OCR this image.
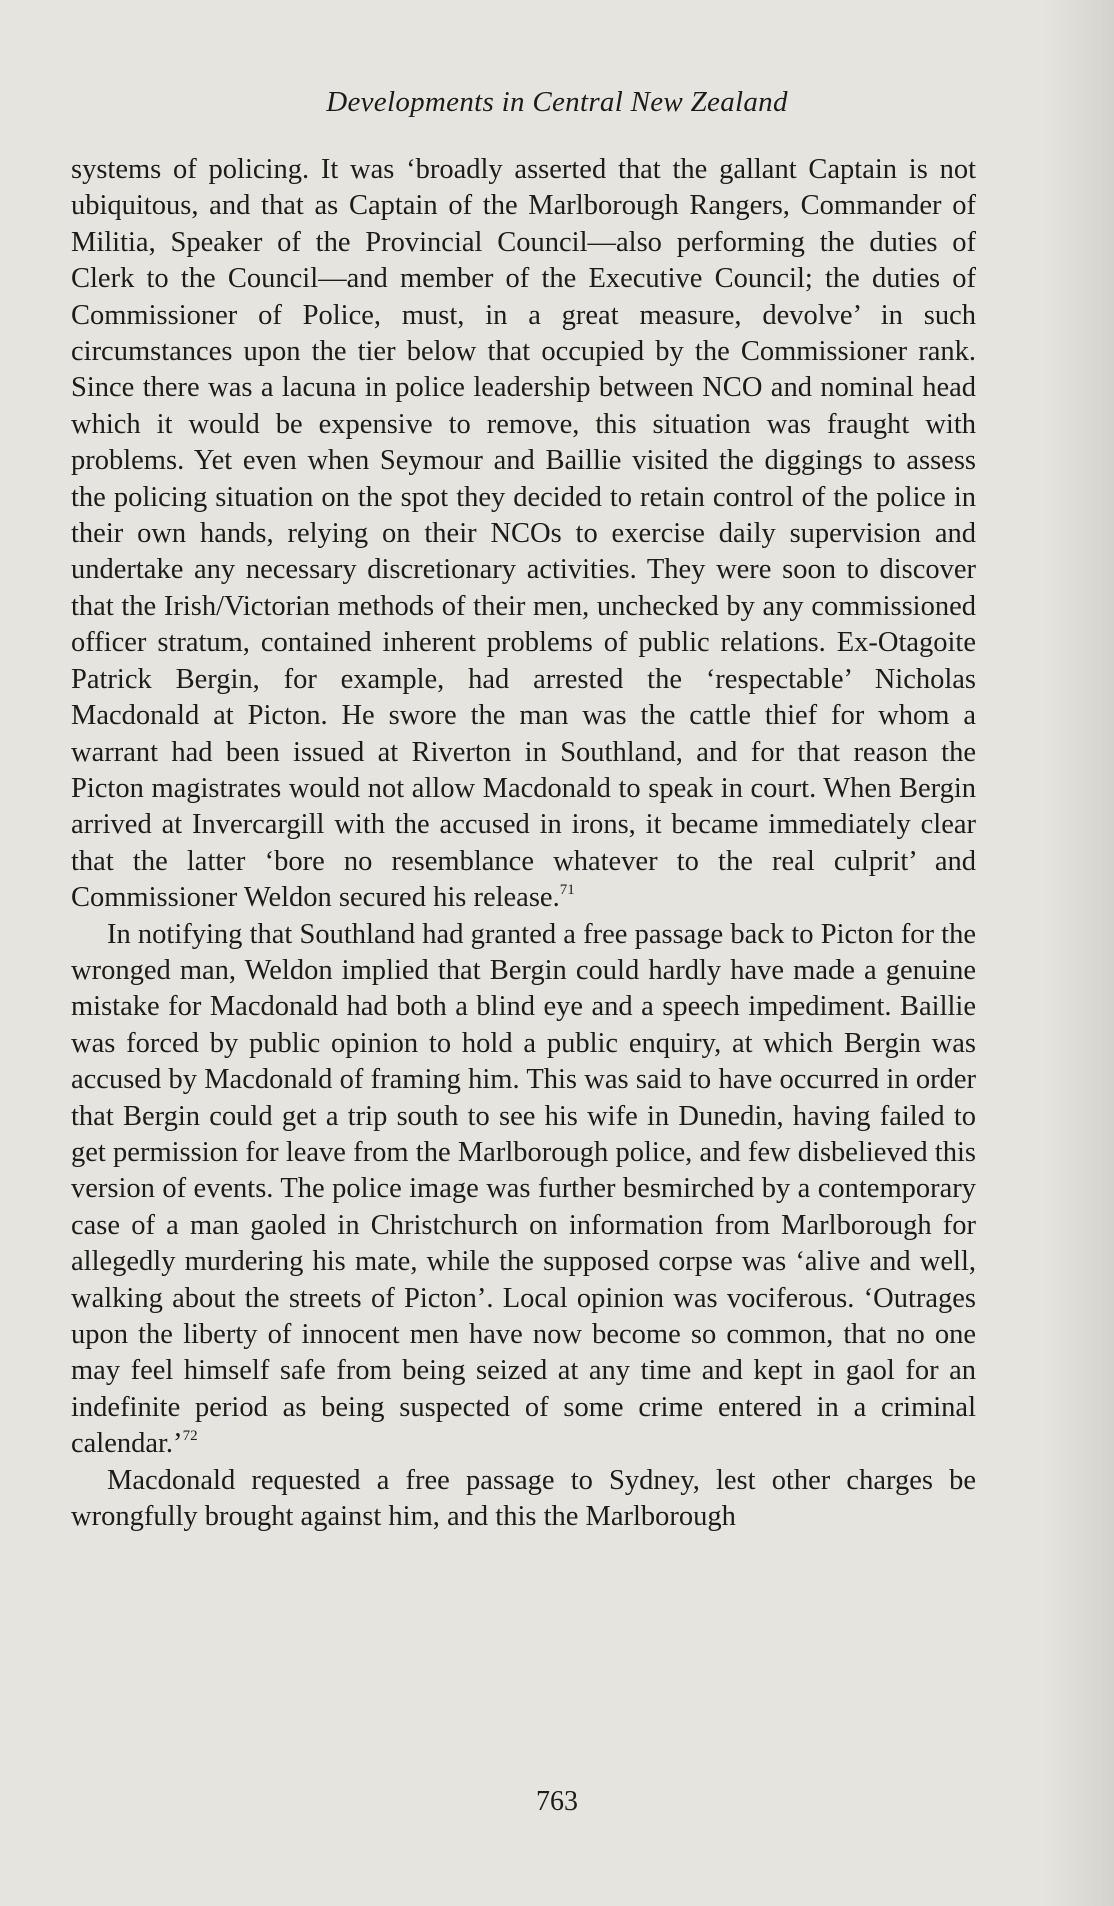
Developments in Central New Zealand

systems of policing. It was ‘broadly asserted that the gallant Captain is not ubiquitous, and that as Captain of the Marlborough Rangers, Commander of Militia, Speaker of the Provincial Council—also performing the duties of Clerk to the Council—and member of the Executive Council; the duties of Commissioner of Police, must, in a great measure, devolve’ in such circumstances upon the tier below that occupied by the Commissioner rank. Since there was a lacuna in police leadership between NCO and nominal head which it would be expensive to remove, this situation was fraught with problems. Yet even when Seymour and Baillie visited the diggings to assess the policing situation on the spot they decided to retain control of the police in their own hands, relying on their NCOs to exercise daily supervision and undertake any necessary discretionary activities. They were soon to discover that the Irish/Victorian methods of their men, unchecked by any commissioned officer stratum, contained inherent problems of public relations. Ex-Otagoite Patrick Bergin, for example, had arrested the ‘respectable’ Nicholas Macdonald at Picton. He swore the man was the cattle thief for whom a warrant had been issued at Riverton in Southland, and for that reason the Picton magistrates would not allow Macdonald to speak in court. When Bergin arrived at Invercargill with the accused in irons, it became immediately clear that the latter ‘bore no resemblance whatever to the real culprit’ and Commissioner Weldon secured his release.$^{71}$

In notifying that Southland had granted a free passage back to Picton for the wronged man, Weldon implied that Bergin could hardly have made a genuine mistake for Macdonald had both a blind eye and a speech impediment. Baillie was forced by public opinion to hold a public enquiry, at which Bergin was accused by Macdonald of framing him. This was said to have occurred in order that Bergin could get a trip south to see his wife in Dunedin, having failed to get permission for leave from the Marlborough police, and few disbelieved this version of events. The police image was further besmirched by a contemporary case of a man gaoled in Christchurch on information from Marlborough for allegedly murdering his mate, while the supposed corpse was ‘alive and well, walking about the streets of Picton’. Local opinion was vociferous. ‘Outrages upon the liberty of innocent men have now become so common, that no one may feel himself safe from being seized at any time and kept in gaol for an indefinite period as being suspected of some crime entered in a criminal calendar.’$^{72}$

Macdonald requested a free passage to Sydney, lest other charges be wrongfully brought against him, and this the Marlborough

763
